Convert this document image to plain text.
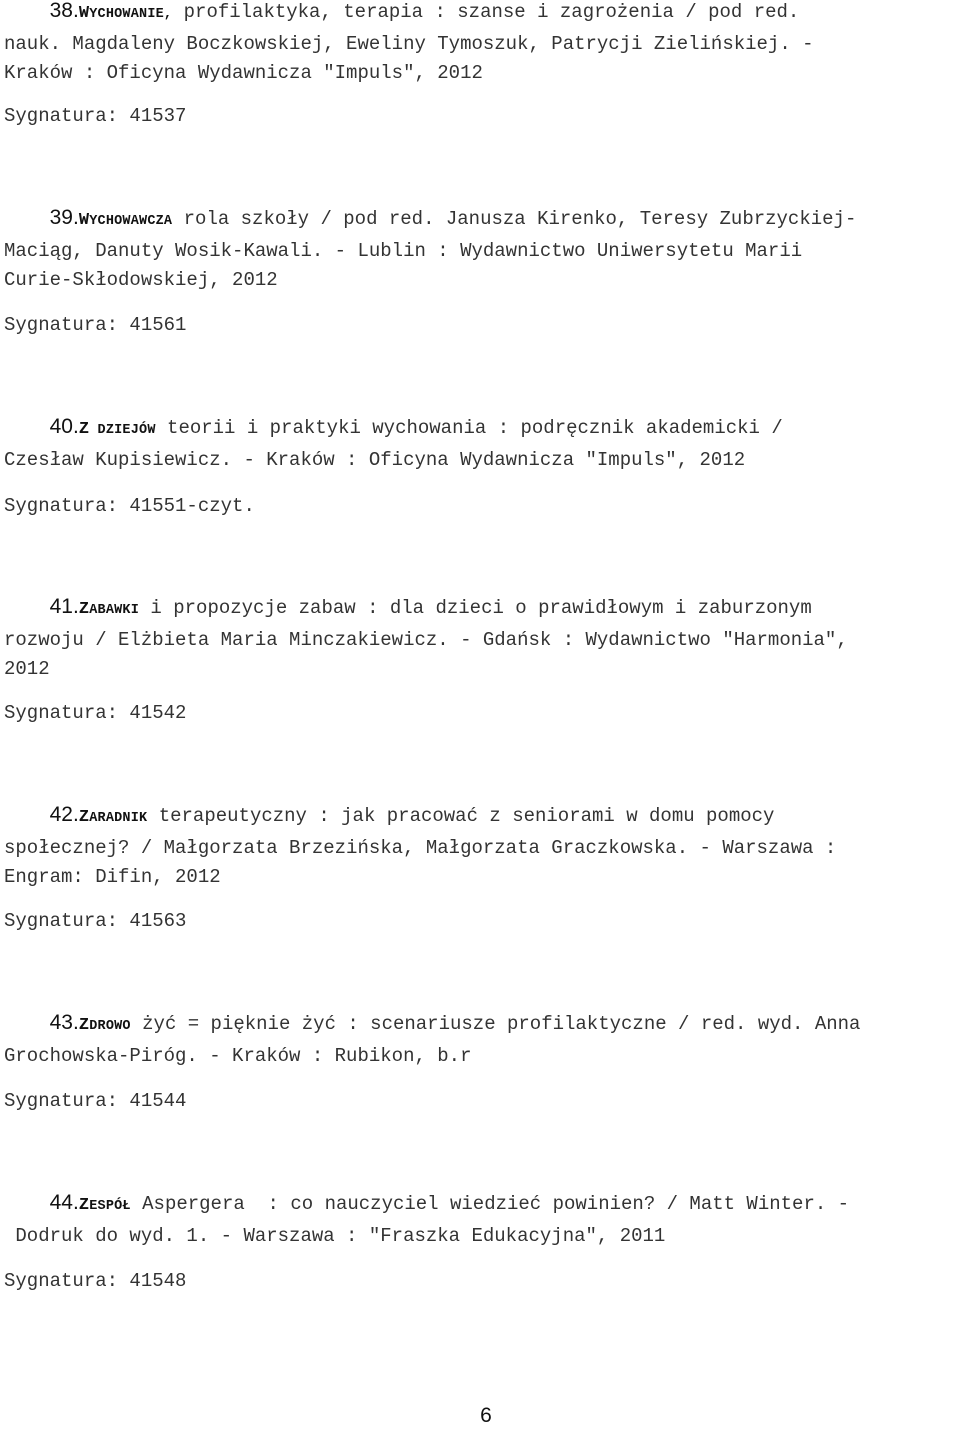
38.WYCHOWANIE, profilaktyka, terapia : szanse i zagrożenia / pod red.

nauk. Magdaleny Boczkowskiej, Eweliny Tymoszuk, Patrycji Zielińskiej. -

Kraków : Oficyna Wydawnicza "Impuls", 2012

Sygnatura: 41537

39.WYCHOWAWCZA rola szkoły / pod red. Janusza Kirenko, Teresy Zubrzyckiej-

Maciąg, Danuty Wosik-Kawali. - Lublin : Wydawnictwo Uniwersytetu Marii

Curie-Skłodowskiej, 2012

Sygnatura: 41561

40.Z DZIEJÓW teorii i praktyki wychowania : podręcznik akademicki /

Czesław Kupisiewicz. - Kraków : Oficyna Wydawnicza "Impuls", 2012

Sygnatura: 41551-czyt.

41.ZABAWKI i propozycje zabaw : dla dzieci o prawidłowym i zaburzonym

rozwoju / Elżbieta Maria Minczakiewicz. - Gdańsk : Wydawnictwo "Harmonia",

2012

Sygnatura: 41542

42.ZARADNIK terapeutyczny : jak pracować z seniorami w domu pomocy

społecznej? / Małgorzata Brzezińska, Małgorzata Graczkowska. - Warszawa :

Engram: Difin, 2012

Sygnatura: 41563

43.ZDROWO żyć = pięknie żyć : scenariusze profilaktyczne / red. wyd. Anna

Grochowska-Piróg. - Kraków : Rubikon, b.r

Sygnatura: 41544

44.ZESPÓŁ Aspergera  : co nauczyciel wiedzieć powinien? / Matt Winter. -

Dodruk do wyd. 1. - Warszawa : "Fraszka Edukacyjna", 2011

Sygnatura: 41548
6
